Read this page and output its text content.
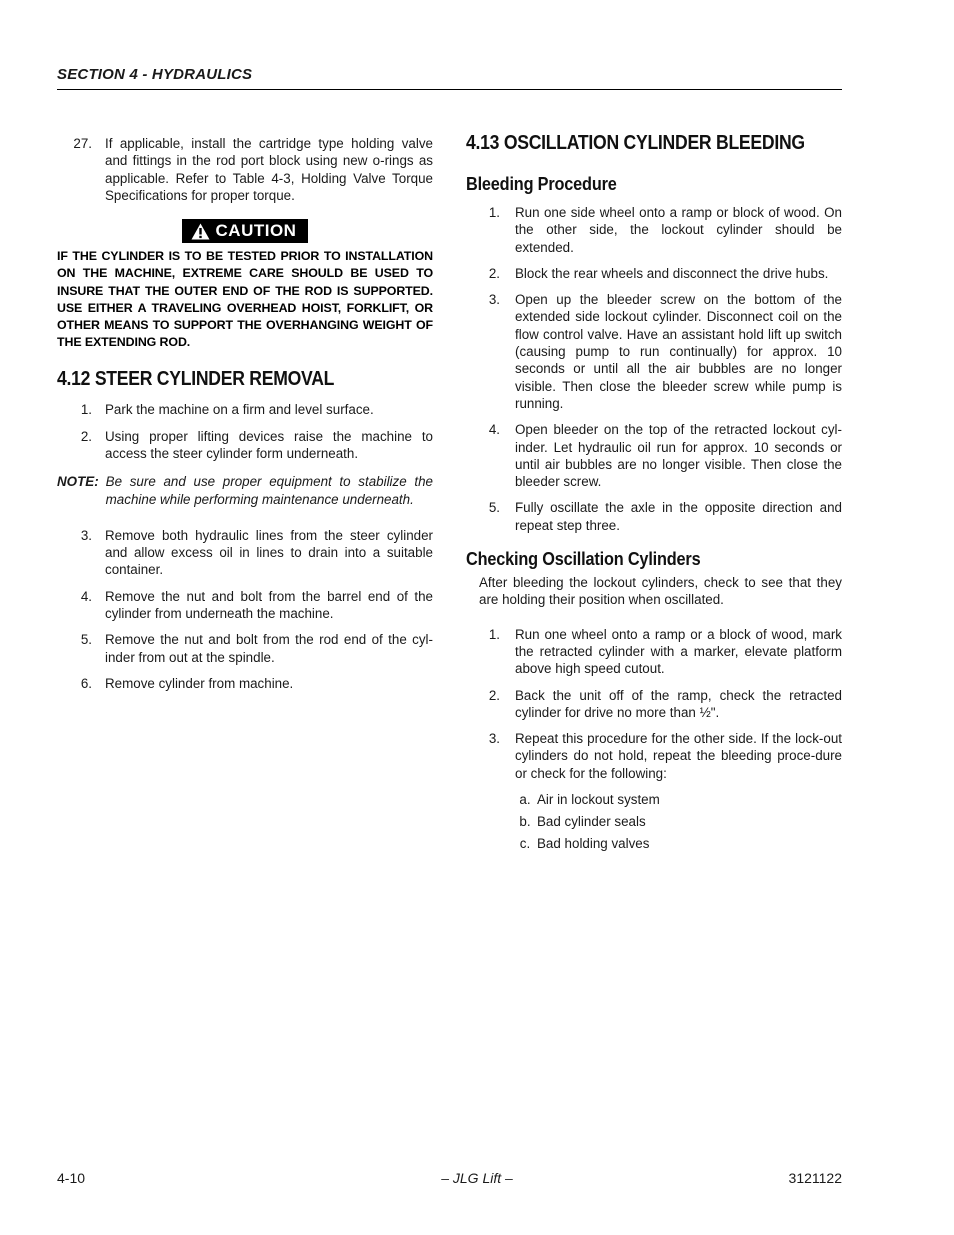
SECTION 4 - HYDRAULICS
27. If applicable, install the cartridge type holding valve and fittings in the rod port block using new o-rings as applicable. Refer to Table 4-3, Holding Valve Torque Specifications for proper torque.
CAUTION
IF THE CYLINDER IS TO BE TESTED PRIOR TO INSTALLATION ON THE MACHINE, EXTREME CARE SHOULD BE USED TO INSURE THAT THE OUTER END OF THE ROD IS SUPPORTED. USE EITHER A TRAVELING OVERHEAD HOIST, FORKLIFT, OR OTHER MEANS TO SUPPORT THE OVERHANGING WEIGHT OF THE EXTENDING ROD.
4.12 STEER CYLINDER REMOVAL
1. Park the machine on a firm and level surface.
2. Using proper lifting devices raise the machine to access the steer cylinder form underneath.
NOTE: Be sure and use proper equipment to stabilize the machine while performing maintenance underneath.
3. Remove both hydraulic lines from the steer cylinder and allow excess oil in lines to drain into a suitable container.
4. Remove the nut and bolt from the barrel end of the cylinder from underneath the machine.
5. Remove the nut and bolt from the rod end of the cyl-inder from out at the spindle.
6. Remove cylinder from machine.
4.13 OSCILLATION CYLINDER BLEEDING
Bleeding Procedure
1. Run one side wheel onto a ramp or block of wood. On the other side, the lockout cylinder should be extended.
2. Block the rear wheels and disconnect the drive hubs.
3. Open up the bleeder screw on the bottom of the extended side lockout cylinder. Disconnect coil on the flow control valve. Have an assistant hold lift up switch (causing pump to run continually) for approx. 10 seconds or until all the air bubbles are no longer visible. Then close the bleeder screw while pump is running.
4. Open bleeder on the top of the retracted lockout cyl-inder. Let hydraulic oil run for approx. 10 seconds or until air bubbles are no longer visible. Then close the bleeder screw.
5. Fully oscillate the axle in the opposite direction and repeat step three.
Checking Oscillation Cylinders
After bleeding the lockout cylinders, check to see that they are holding their position when oscillated.
1. Run one wheel onto a ramp or a block of wood, mark the retracted cylinder with a marker, elevate platform above high speed cutout.
2. Back the unit off of the ramp, check the retracted cylinder for drive no more than ½".
3. Repeat this procedure for the other side. If the lock-out cylinders do not hold, repeat the bleeding proce-dure or check for the following:
a. Air in lockout system
b. Bad cylinder seals
c. Bad holding valves
4-10	– JLG Lift –	3121122
